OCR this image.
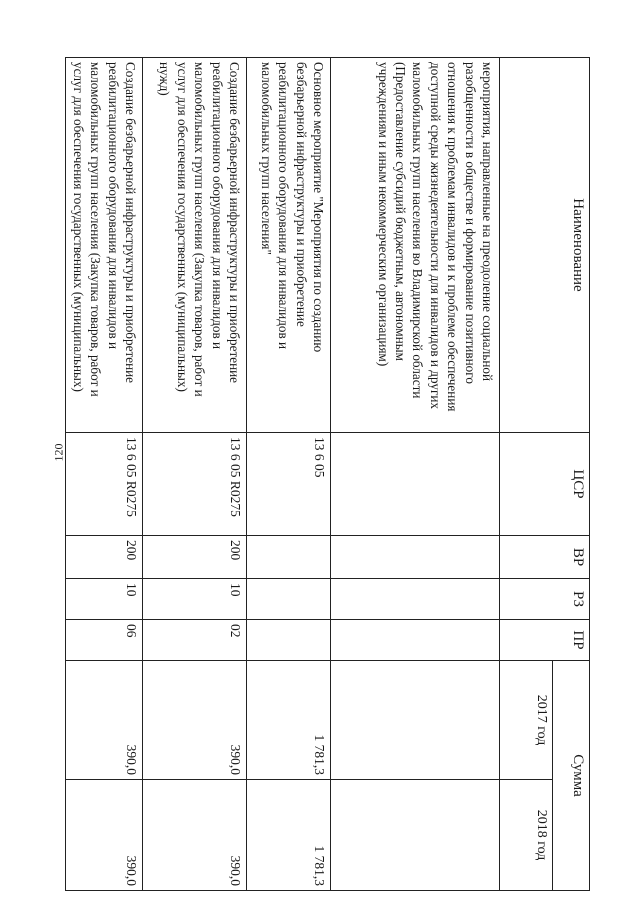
120
Наименование	ЦСР	ВР	РЗ	ПР	Сумма	
					2017 год	2018 год
мероприятия, направленные на преодоление социальной разобщенности в обществе и формирование позитивного отношения к проблемам инвалидов и к проблеме обеспечения доступной среды жизнедеятельности для инвалидов и других маломобильных групп населения во Владимирской области (Предоставление субсидий бюджетным, автономным учреждениям и иным некоммерческим организациям)						
Основное мероприятие "Мероприятия по созданию безбарьерной инфраструктуры и приобретение реабилитационного оборудования для инвалидов и маломобильных групп населения"	13 6 05				1 781,3	1 781,3
Создание безбарьерной инфраструктуры и приобретение реабилитационного оборудования для инвалидов и маломобильных групп населения (Закупка товаров, работ и услуг для обеспечения государственных (муниципальных) нужд)	13 6 05 R0275	200	10	02	390,0	390,0
Создание безбарьерной инфраструктуры и приобретение реабилитационного оборудования для инвалидов и маломобильных групп населения (Закупка товаров, работ и услуг для обеспечения государственных (муниципальных)	13 6 05 R0275	200	10	06	390,0	390,0
